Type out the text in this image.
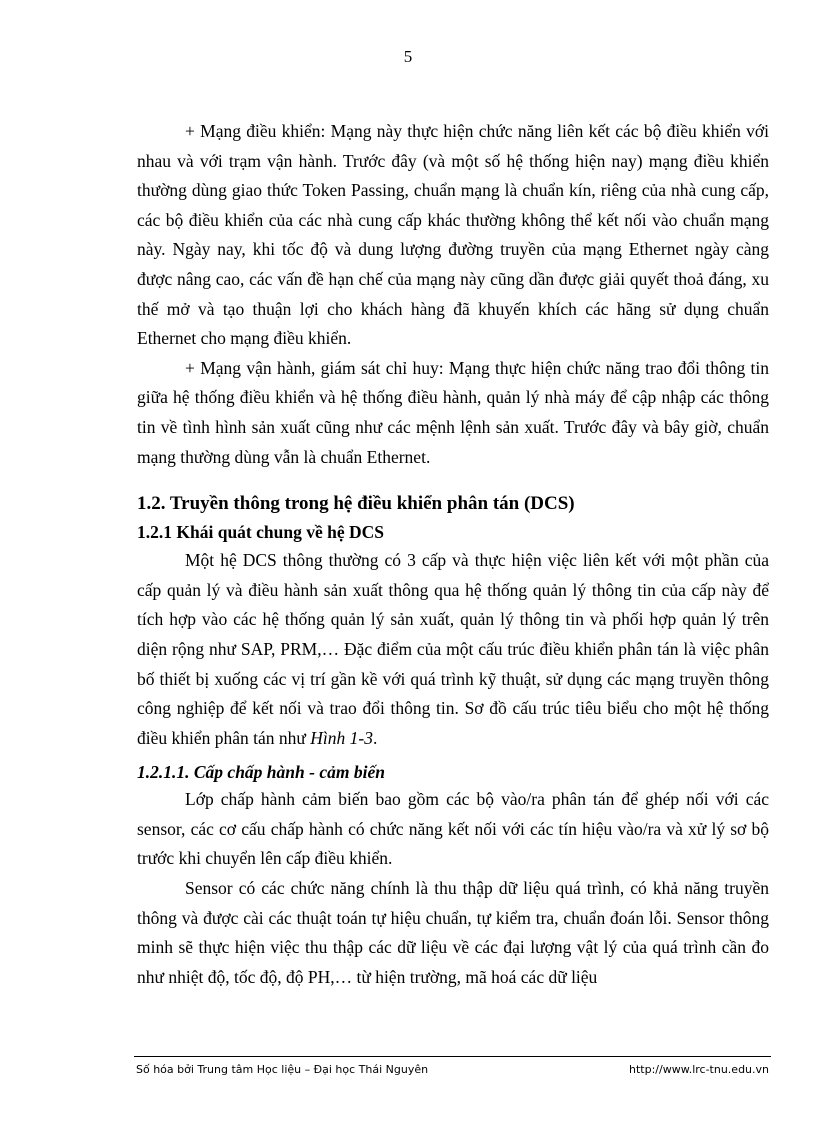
5

+ Mạng điều khiển: Mạng này thực hiện chức năng liên kết các bộ điều khiển với nhau và với trạm vận hành. Trước đây (và một số hệ thống hiện nay) mạng điều khiển thường dùng giao thức Token Passing, chuẩn mạng là chuẩn kín, riêng của nhà cung cấp, các bộ điều khiển của các nhà cung cấp khác thường không thể kết nối vào chuẩn mạng này. Ngày nay, khi tốc độ và dung lượng đường truyền của mạng Ethernet ngày càng được nâng cao, các vấn đề hạn chế của mạng này cũng dần được giải quyết thoả đáng, xu thế mở và tạo thuận lợi cho khách hàng đã khuyến khích các hãng sử dụng chuẩn Ethernet cho mạng điều khiển.

+ Mạng vận hành, giám sát chỉ huy: Mạng thực hiện chức năng trao đổi thông tin giữa hệ thống điều khiển và hệ thống điều hành, quản lý nhà máy để cập nhập các thông tin về tình hình sản xuất cũng như các mệnh lệnh sản xuất. Trước đây và bây giờ, chuẩn mạng thường dùng vẫn là chuẩn Ethernet.

1.2. Truyền thông trong hệ điều khiển phân tán (DCS)
1.2.1 Khái quát chung về hệ DCS

Một hệ DCS thông thường có 3 cấp và thực hiện việc liên kết với một phần của cấp quản lý và điều hành sản xuất thông qua hệ thống quản lý thông tin của cấp này để tích hợp vào các hệ thống quản lý sản xuất, quản lý thông tin và phối hợp quản lý trên diện rộng như SAP, PRM,… Đặc điểm của một cấu trúc điều khiển phân tán là việc phân bố thiết bị xuống các vị trí gần kề với quá trình kỹ thuật, sử dụng các mạng truyền thông công nghiệp để kết nối và trao đổi thông tin. Sơ đồ cấu trúc tiêu biểu cho một hệ thống điều khiển phân tán như Hình 1-3.

1.2.1.1. Cấp chấp hành - cảm biến

Lớp chấp hành cảm biến bao gồm các bộ vào/ra phân tán để ghép nối với các sensor, các cơ cấu chấp hành có chức năng kết nối với các tín hiệu vào/ra và xử lý sơ bộ trước khi chuyển lên cấp điều khiển.

Sensor có các chức năng chính là thu thập dữ liệu quá trình, có khả năng truyền thông và được cài các thuật toán tự hiệu chuẩn, tự kiểm tra, chuẩn đoán lỗi. Sensor thông minh sẽ thực hiện việc thu thập các dữ liệu về các đại lượng vật lý của quá trình cần đo như nhiệt độ, tốc độ, độ PH,… từ hiện trường, mã hoá các dữ liệu

Số hóa bởi Trung tâm Học liệu – Đại học Thái Nguyên	http://www.lrc-tnu.edu.vn
